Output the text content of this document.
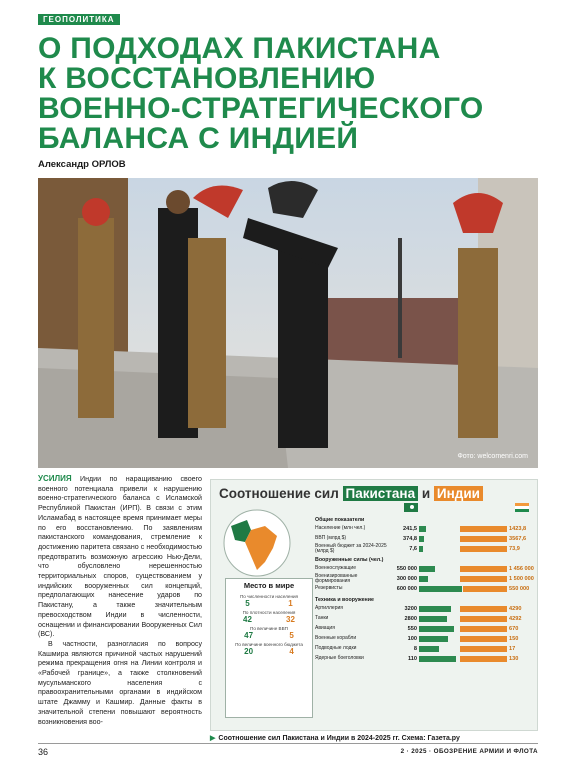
ГЕОПОЛИТИКА
О ПОДХОДАХ ПАКИСТАНА
К ВОССТАНОВЛЕНИЮ
ВОЕННО-СТРАТЕГИЧЕСКОГО
БАЛАНСА С ИНДИЕЙ
Александр ОРЛОВ
Фото: welcomenri.com

УСИЛИЯ Индии по наращиванию своего военного потенциала привели к нарушению военно-стратегического баланса с Исламской Республикой Пакистан (ИРП). В связи с этим Исламабад в настоящее время принимает меры по его восстановлению. По заявлениям пакистанского командования, стремление к достижению паритета связано с необходимостью предотвратить возможную агрессию Нью-Дели, что обусловлено нерешенностью территориальных споров, существованием у индийских вооруженных сил концепций, предполагающих нанесение ударов по Пакистану, а также значительным превосходством Индии в численности, оснащении и финансировании Вооруженных Сил (ВС).

В частности, разногласия по вопросу Кашмира являются причиной частых нарушений режима прекращения огня на Линии контроля и «Рабочей границе», а также столкновений мусульманского населения с правоохранительными органами в индийском штате Джамму и Кашмир. Данные факты в значительной степени повышают вероятность возникновения воо-

Соотношение сил Пакистана и Индии
Место в мире
По численности населения
5	1
По плотности населения
42	32
По величине ВВП
47	5
По величине военного бюджета
20	4
Общие показатели
Население (млн чел.)	241,5	1423,8
ВВП (млрд $)	374,8	3567,6
Военный бюджет за 2024-2025 (млрд $)	7,6	73,9
Вооруженные силы (чел.)
Военнослужащие	550 000	1 456 000
Военизированные формирования	300 000	1 500 000
Резервисты	600 000	550 000
Техника и вооружение
Артиллерия	3200	4290
Танки	2800	4292
Авиация	550	670
Военные корабли	100	150
Подводные лодки	8	17
Ядерные боеголовки	110	130
▶ Соотношение сил Пакистана и Индии в 2024-2025 гг. Схема: Газета.ру
36	2 · 2025 · ОБОЗРЕНИЕ АРМИИ И ФЛОТА
